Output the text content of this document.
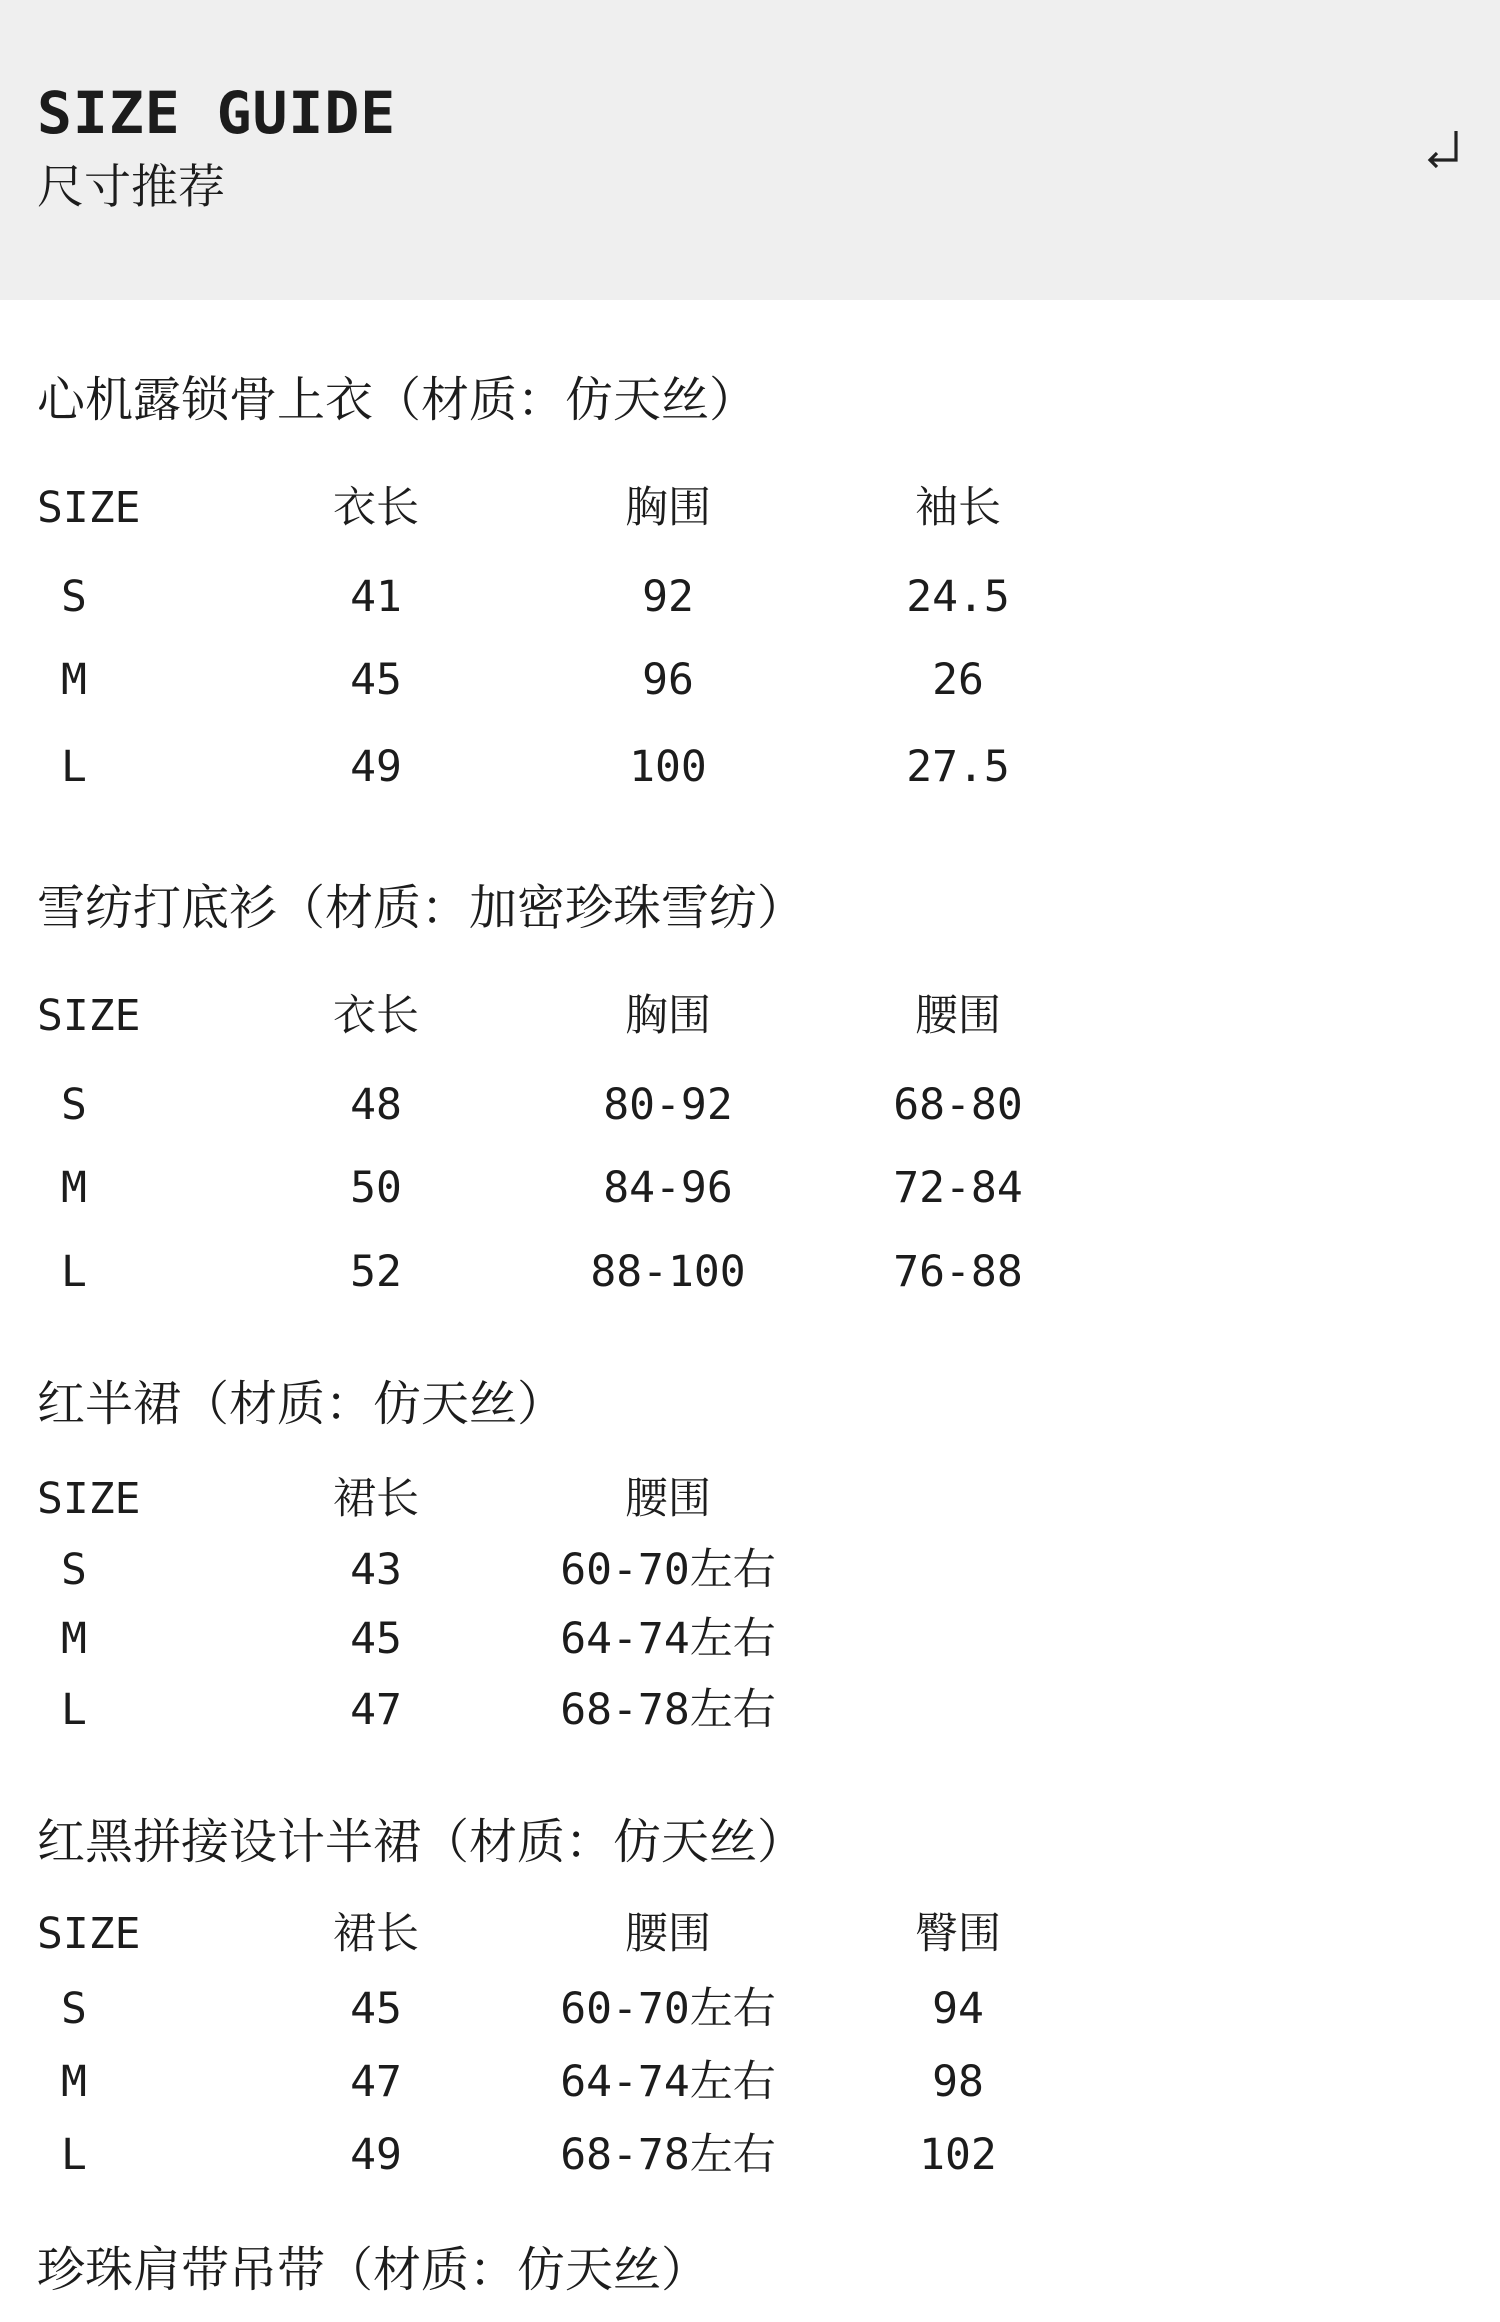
SIZE GUIDE
尺寸推荐
心机露锁骨上衣（材质：仿天丝）
SIZE	衣长	胸围	袖长
S	41	92	24.5
M	45	96	26
L	49	100	27.5
雪纺打底衫（材质：加密珍珠雪纺）
SIZE	衣长	胸围	腰围
S	48	80-92	68-80
M	50	84-96	72-84
L	52	88-100	76-88
红半裙（材质：仿天丝）
SIZE	裙长	腰围
S	43	60-70左右
M	45	64-74左右
L	47	68-78左右
红黑拼接设计半裙（材质：仿天丝）
SIZE	裙长	腰围	臀围
S	45	60-70左右	94
M	47	64-74左右	98
L	49	68-78左右	102
珍珠肩带吊带（材质：仿天丝）
